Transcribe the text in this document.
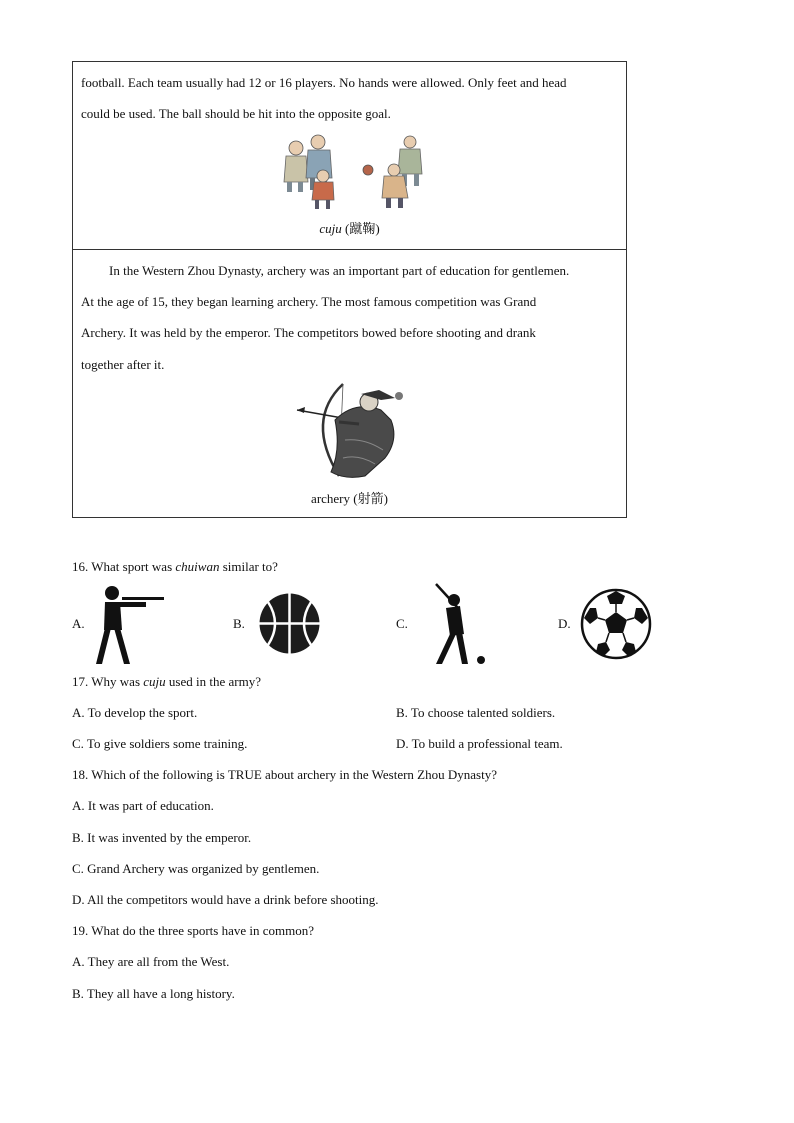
football. Each team usually had 12 or 16 players. No hands were allowed. Only feet and head
could be used. The ball should be hit into the opposite goal.
cuju (蹴鞠)
In the Western Zhou Dynasty, archery was an important part of education for gentlemen.
At the age of 15, they began learning archery. The most famous competition was Grand
Archery. It was held by the emperor. The competitors bowed before shooting and drank
together after it.
archery (射箭)
16. What sport was chuiwan similar to?
A.	B.	C.	D.
17. Why was cuju used in the army?
A. To develop the sport.	B. To choose talented soldiers.
C. To give soldiers some training.	D. To build a professional team.
18. Which of the following is TRUE about archery in the Western Zhou Dynasty?
A. It was part of education.
B. It was invented by the emperor.
C. Grand Archery was organized by gentlemen.
D. All the competitors would have a drink before shooting.
19. What do the three sports have in common?
A. They are all from the West.
B. They all have a long history.
